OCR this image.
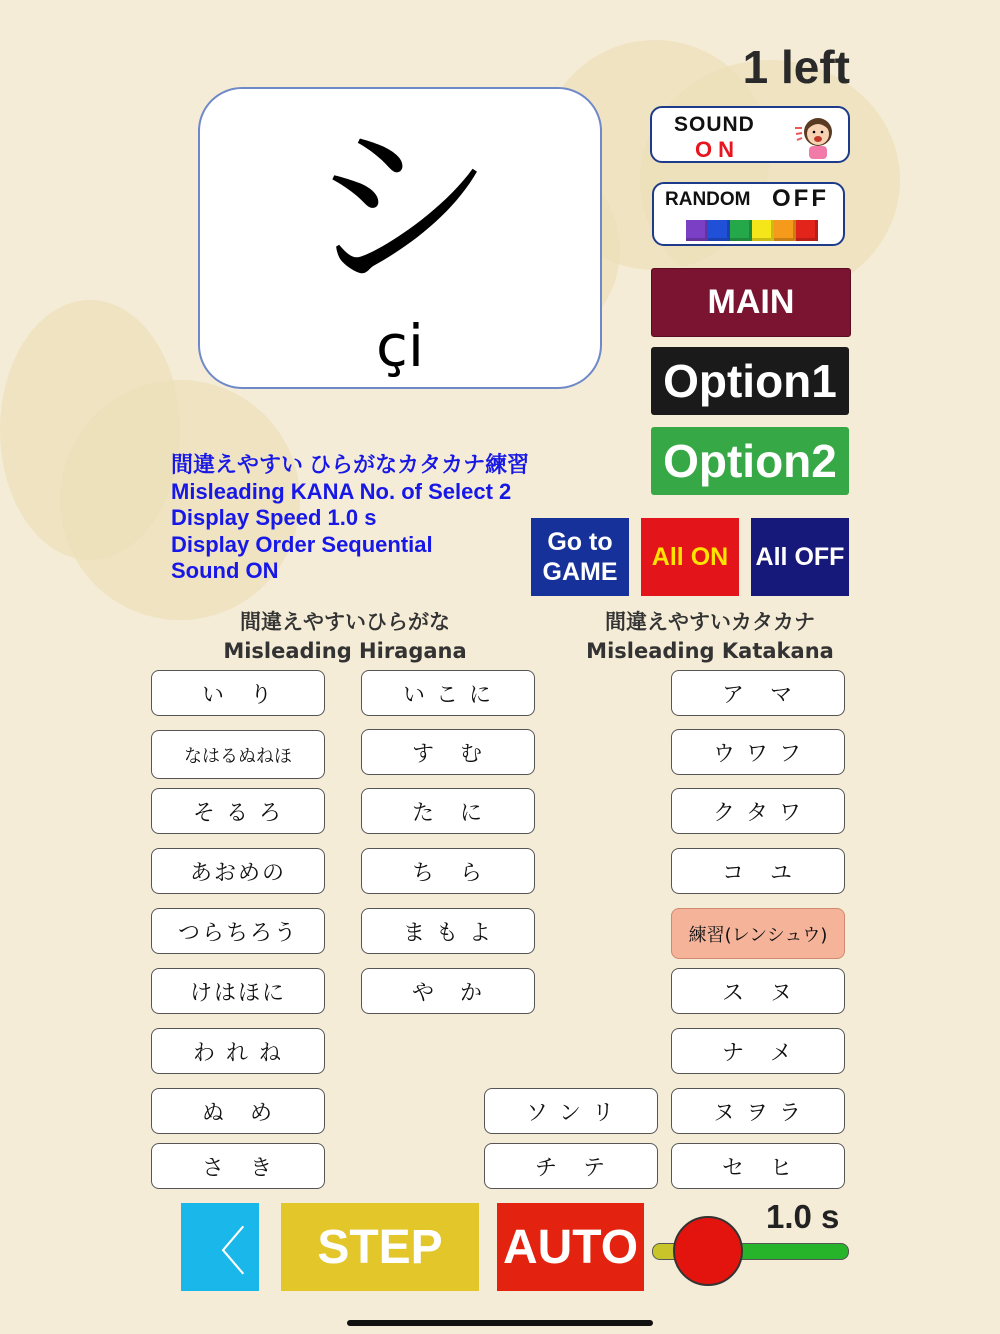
1 left
シ
çi
SOUND
ON
RANDOM OFF
MAIN
Option1
Option2
間違えやすい ひらがなカタカナ練習
Misleading KANA No. of Select 2
Display Speed 1.0 s
Display Order Sequential
Sound ON
Go to
GAME
All ON	All OFF
間違えやすいひらがな
Misleading Hiragana
間違えやすいカタカナ
Misleading Katakana
い　り
なはるぬねほ
そ る ろ
あおめの
つらちろう
けはほに
わ れ ね
ぬ　め
さ　き
い こ に
す　む
た　に
ち　ら
ま も よ
や　か
ソ ン リ
チ　テ
ア　マ
ウ ワ フ
ク タ ワ
コ　ユ
練習(レンシュウ)
ス　ヌ
ナ　メ
ヌ ヲ ラ
セ　ヒ
〈	STEP	AUTO
1.0 s
